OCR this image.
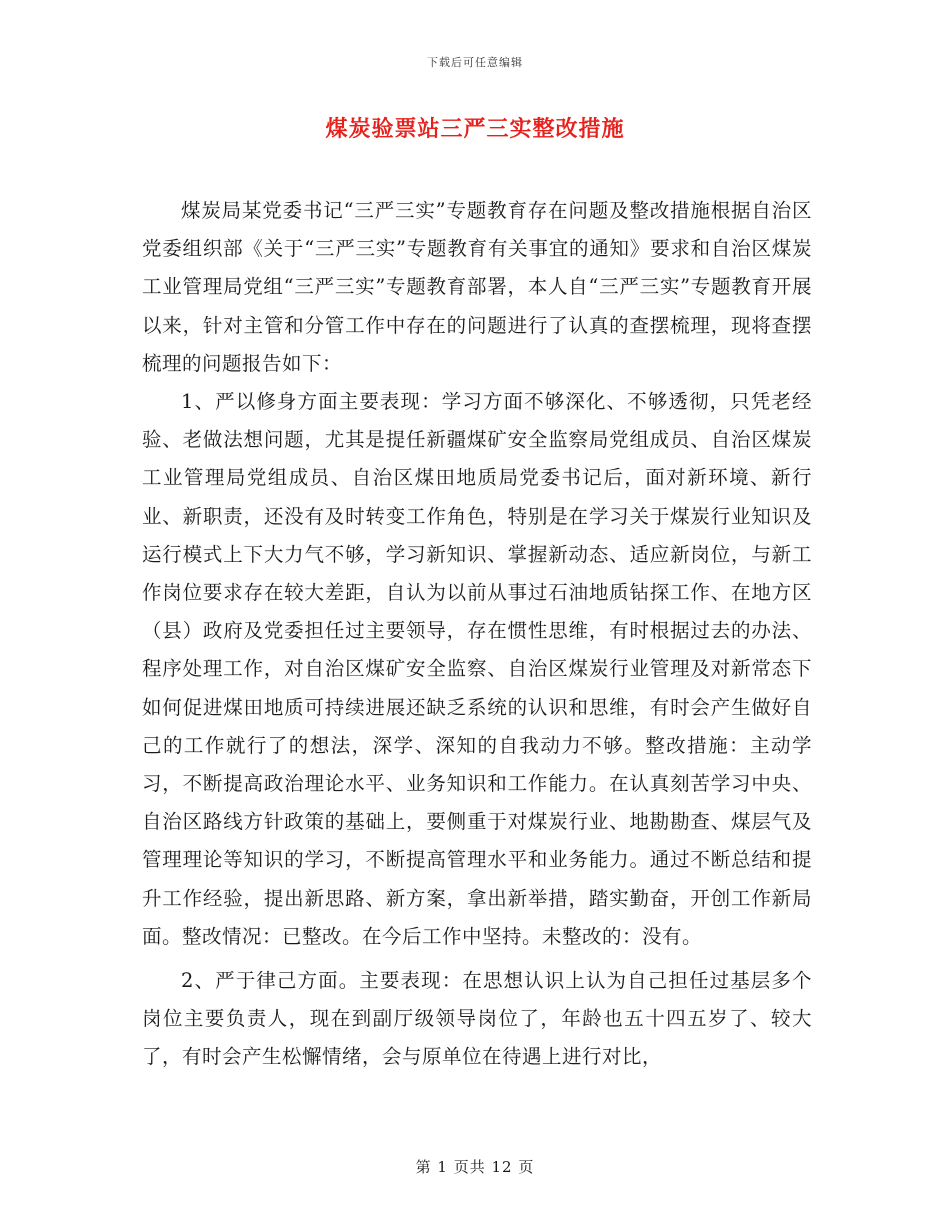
下载后可任意编辑
煤炭验票站三严三实整改措施

煤炭局某党委书记“三严三实”专题教育存在问题及整改措施根据自治区党委组织部《关于“三严三实”专题教育有关事宜的通知》要求和自治区煤炭工业管理局党组“三严三实”专题教育部署，本人自“三严三实”专题教育开展以来，针对主管和分管工作中存在的问题进行了认真的查摆梳理，现将查摆梳理的问题报告如下：

1、严以修身方面主要表现：学习方面不够深化、不够透彻，只凭老经验、老做法想问题，尤其是提任新疆煤矿安全监察局党组成员、自治区煤炭工业管理局党组成员、自治区煤田地质局党委书记后，面对新环境、新行业、新职责，还没有及时转变工作角色，特别是在学习关于煤炭行业知识及运行模式上下大力气不够，学习新知识、掌握新动态、适应新岗位，与新工作岗位要求存在较大差距，自认为以前从事过石油地质钻探工作、在地方区（县）政府及党委担任过主要领导，存在惯性思维，有时根据过去的办法、程序处理工作，对自治区煤矿安全监察、自治区煤炭行业管理及对新常态下如何促进煤田地质可持续进展还缺乏系统的认识和思维，有时会产生做好自己的工作就行了的想法，深学、深知的自我动力不够。整改措施：主动学习，不断提高政治理论水平、业务知识和工作能力。在认真刻苦学习中央、自治区路线方针政策的基础上，要侧重于对煤炭行业、地勘勘查、煤层气及管理理论等知识的学习，不断提高管理水平和业务能力。通过不断总结和提升工作经验，提出新思路、新方案，拿出新举措，踏实勤奋，开创工作新局面。整改情况：已整改。在今后工作中坚持。未整改的：没有。

2、严于律己方面。主要表现：在思想认识上认为自己担任过基层多个岗位主要负责人，现在到副厅级领导岗位了，年龄也五十四五岁了、较大了，有时会产生松懈情绪，会与原单位在待遇上进行对比，

第 1 页共 12 页
